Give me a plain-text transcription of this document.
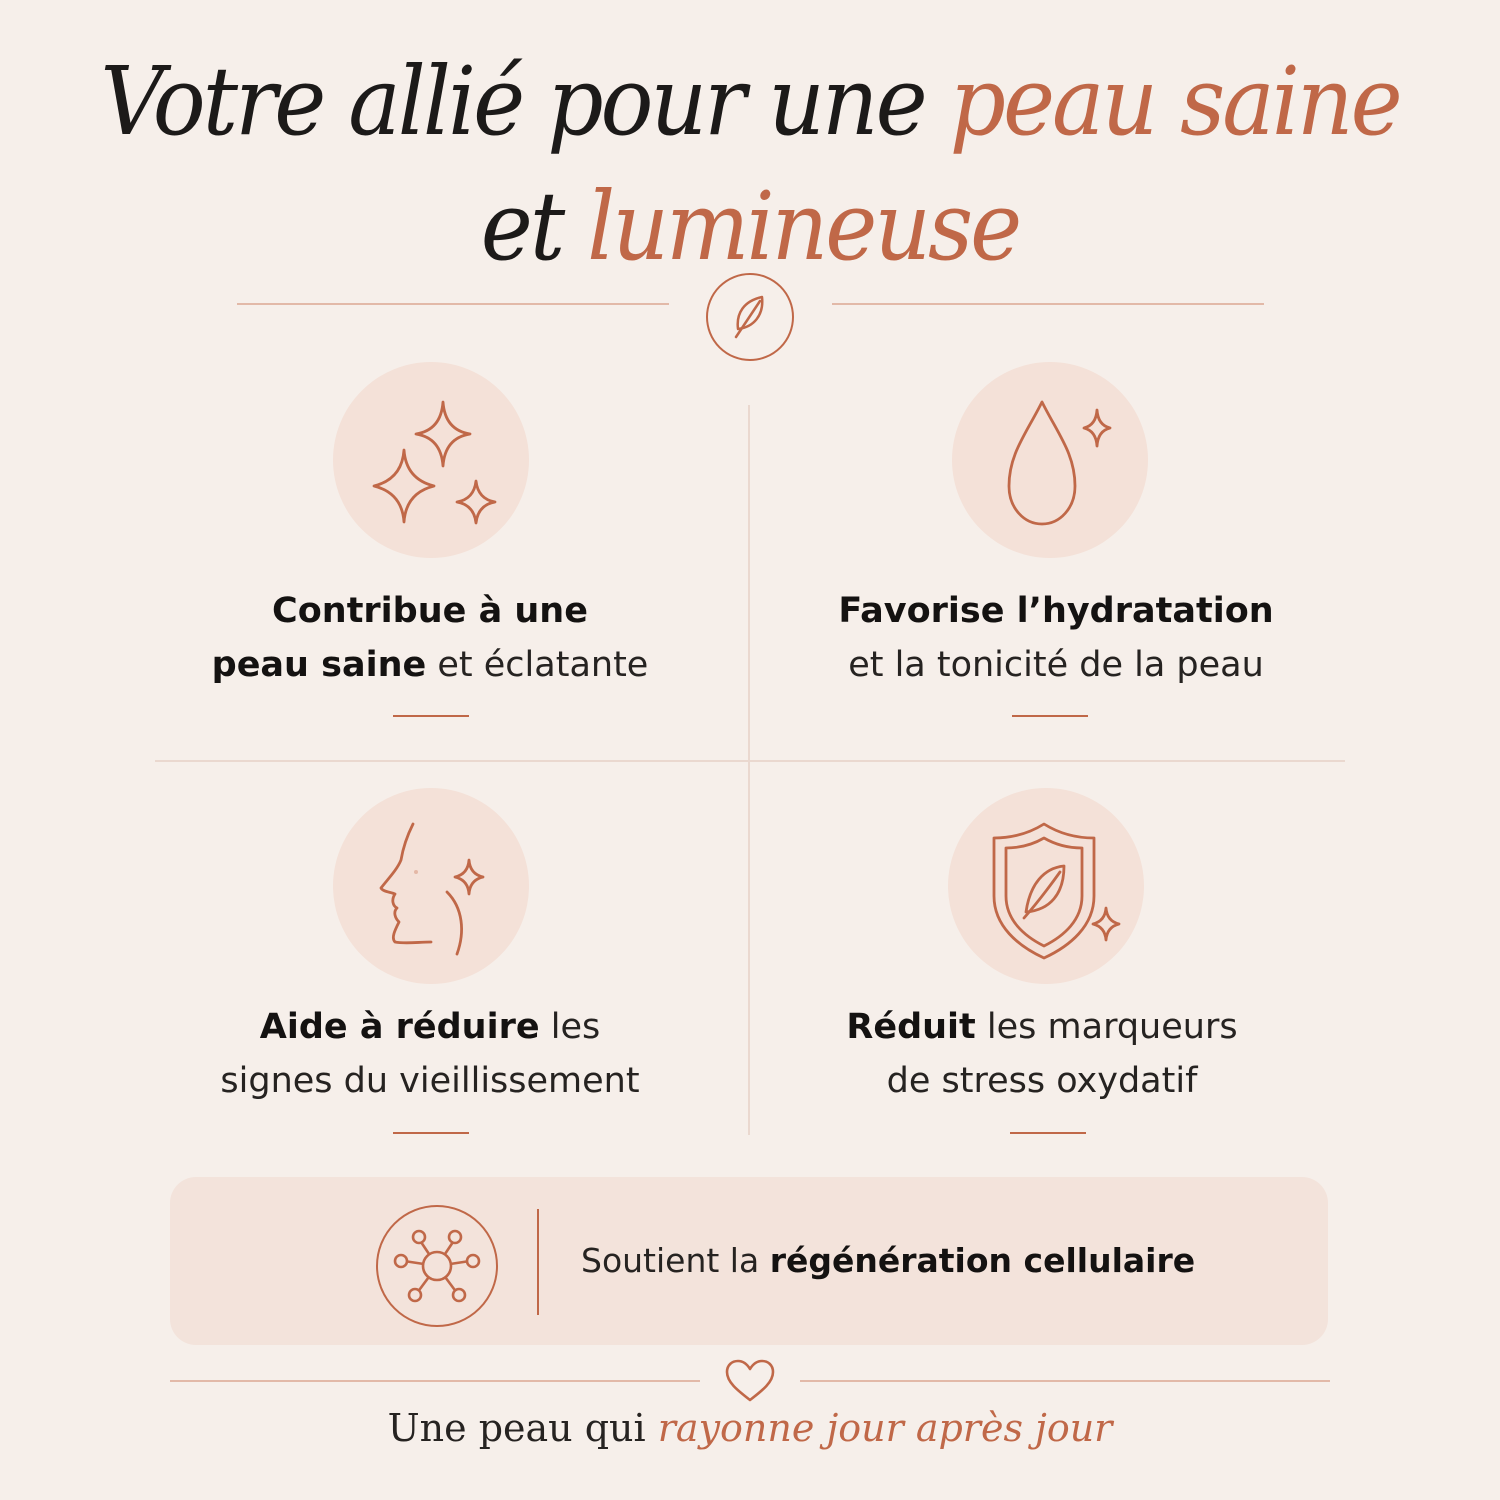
Votre allié pour une peau saine
et lumineuse
Contribue à une
peau saine et éclatante
Favorise l’hydratation
et la tonicité de la peau
Aide à réduire les
signes du vieillissement
Réduit les marqueurs
de stress oxydatif
Soutient la régénération cellulaire
Une peau qui rayonne jour après jour
